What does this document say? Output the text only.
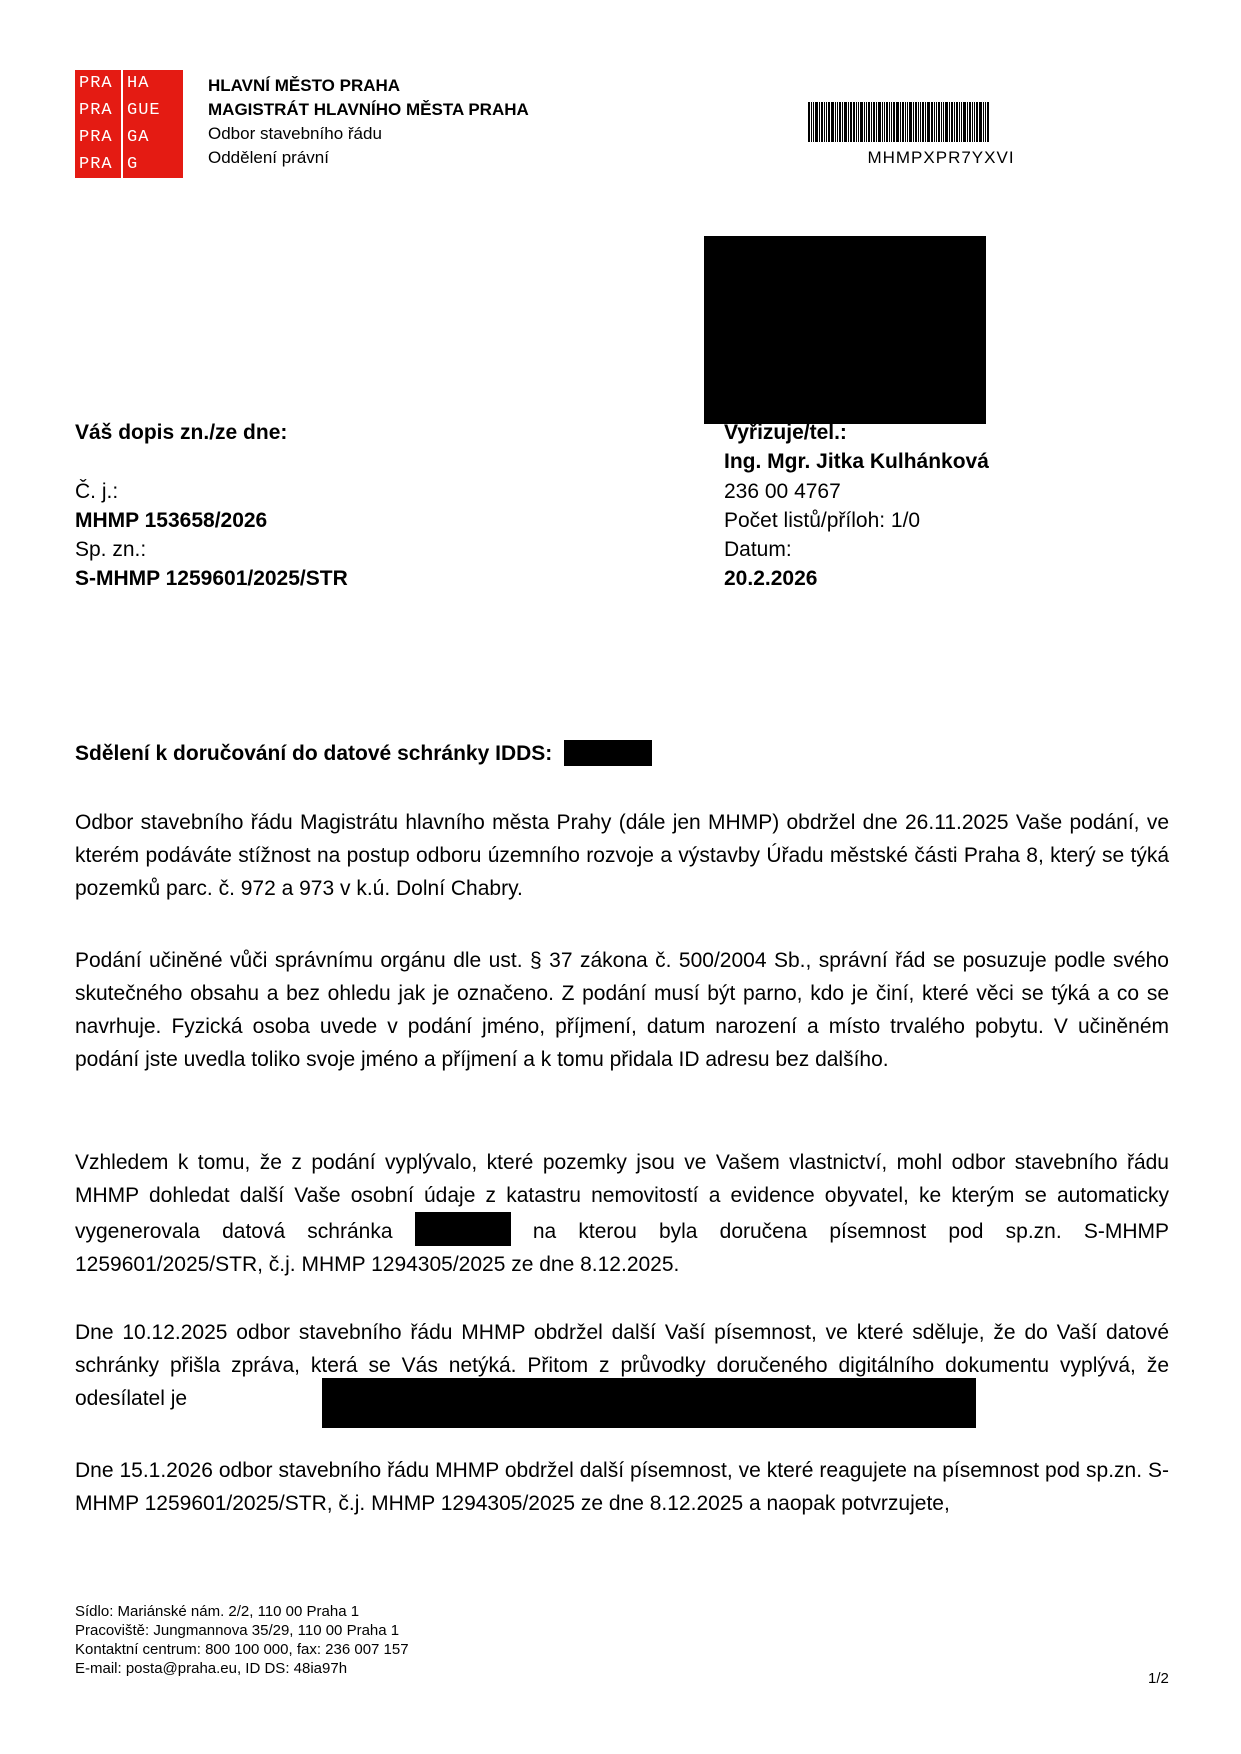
PRA HA
PRA GUE
PRA GA
PRA G
HLAVNÍ MĚSTO PRAHA
MAGISTRÁT HLAVNÍHO MĚSTA PRAHA
Odbor stavebního řádu
Oddělení právní	MHMPXPR7YXVI
Váš dopis zn./ze dne:
Č. j.:
MHMP 153658/2026
Sp. zn.:
S-MHMP 1259601/2025/STR
Vyřizuje/tel.:
Ing. Mgr. Jitka Kulhánková
236 00 4767
Počet listů/příloh: 1/0
Datum:
20.2.2026
Sdělení k doručování do datové schránky IDDS:

Odbor stavebního řádu Magistrátu hlavního města Prahy (dále jen MHMP) obdržel dne 26.11.2025 Vaše podání, ve kterém podáváte stížnost na postup odboru územního rozvoje a výstavby Úřadu městské části Praha 8, který se týká pozemků parc. č. 972 a 973 v k.ú. Dolní Chabry.

Podání učiněné vůči správnímu orgánu dle ust. § 37 zákona č. 500/2004 Sb., správní řád se posuzuje podle svého skutečného obsahu a bez ohledu jak je označeno. Z podání musí být parno, kdo je činí, které věci se týká a co se navrhuje. Fyzická osoba uvede v podání jméno, příjmení, datum narození a místo trvalého pobytu. V učiněném podání jste uvedla toliko svoje jméno a příjmení a k tomu přidala ID adresu bez dalšího.

Vzhledem k tomu, že z podání vyplývalo, které pozemky jsou ve Vašem vlastnictví, mohl odbor stavebního řádu MHMP dohledat další Vaše osobní údaje z katastru nemovitostí a evidence obyvatel, ke kterým se automaticky vygenerovala datová schránka	na kterou byla doručena písemnost pod sp.zn. S-MHMP 1259601/2025/STR, č.j. MHMP 1294305/2025 ze dne 8.12.2025.

Dne 10.12.2025 odbor stavebního řádu MHMP obdržel další Vaší písemnost, ve které sděluje, že do Vaší datové schránky přišla zpráva, která se Vás netýká. Přitom z průvodky doručeného digitálního dokumentu vyplývá, že odesílatel je

Dne 15.1.2026 odbor stavebního řádu MHMP obdržel další písemnost, ve které reagujete na písemnost pod sp.zn. S-MHMP 1259601/2025/STR, č.j. MHMP 1294305/2025 ze dne 8.12.2025 a naopak potvrzujete,

Sídlo: Mariánské nám. 2/2, 110 00 Praha 1
Pracoviště: Jungmannova 35/29, 110 00 Praha 1
Kontaktní centrum: 800 100 000, fax: 236 007 157
E-mail: posta@praha.eu, ID DS: 48ia97h
1/2
